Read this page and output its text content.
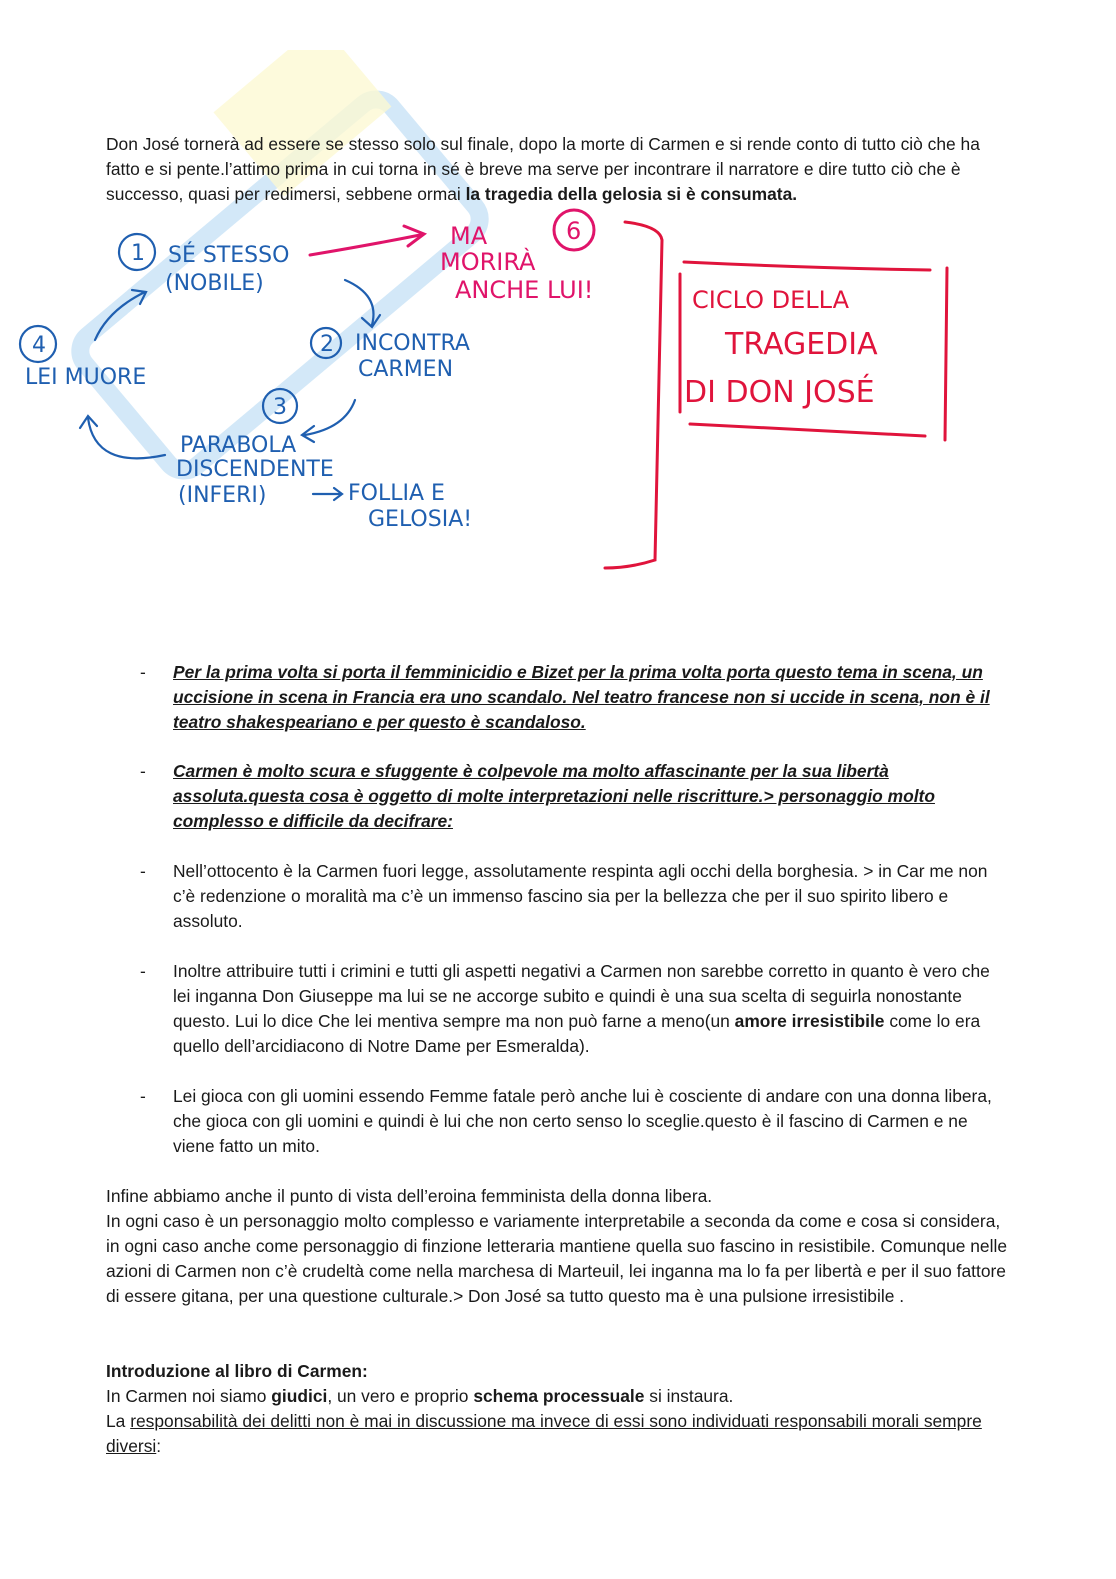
Don José tornerà ad essere se stesso solo sul finale, dopo la morte di Carmen e si rende conto di tutto ciò che ha fatto e si pente.l’attimo prima in cui torna in sé è breve ma serve per incontrare il narratore e dire tutto ciò che è successo, quasi per redimersi, sebbene ormai la tragedia della gelosia si è consumata.

1 SÉ STESSO
(NOBILE)
2 INCONTRA
CARMEN
3
PARABOLA
DISCENDENTE
(INFERI)	FOLLIA E
GELOSIA!
4
LEI MUORE
6
MA
MORIRÀ
ANCHE LUI!	CICLO DELLA
TRAGEDIA
DI DON JOSÉ
- Per la prima volta si porta il femminicidio e Bizet per la prima volta porta questo tema in scena, un uccisione in scena in Francia era uno scandalo. Nel teatro francese non si uccide in scena, non è il teatro shakespeariano e per questo è scandaloso.
- Carmen è molto scura e sfuggente è colpevole ma molto affascinante per la sua libertà assoluta.questa cosa è oggetto di molte interpretazioni nelle riscritture.> personaggio molto complesso e difficile da decifrare:
- Nell’ottocento è la Carmen fuori legge, assolutamente respinta agli occhi della borghesia. > in Car me non c’è redenzione o moralità ma c’è un immenso fascino sia per la bellezza che per il suo spirito libero e assoluto.
- Inoltre attribuire tutti i crimini e tutti gli aspetti negativi a Carmen non sarebbe corretto in quanto è vero che lei inganna Don Giuseppe ma lui se ne accorge subito e quindi è una sua scelta di seguirla nonostante questo. Lui lo dice Che lei mentiva sempre ma non può farne a meno(un amore irresistibile come lo era quello dell’arcidiacono di Notre Dame per Esmeralda).
- Lei gioca con gli uomini essendo Femme fatale però anche lui è cosciente di andare con una donna libera, che gioca con gli uomini e quindi è lui che non certo senso lo sceglie.questo è il fascino di Carmen e ne viene fatto un mito.

Infine abbiamo anche il punto di vista dell’eroina femminista della donna libera.

In ogni caso è un personaggio molto complesso e variamente interpretabile a seconda da come e cosa si considera, in ogni caso anche come personaggio di finzione letteraria mantiene quella suo fascino in resistibile. Comunque nelle azioni di Carmen non c’è crudeltà come nella marchesa di Marteuil, lei inganna ma lo fa per libertà e per il suo fattore di essere gitana, per una questione culturale.> Don José sa tutto questo ma è una pulsione irresistibile .

Introduzione al libro di Carmen:

In Carmen noi siamo giudici, un vero e proprio schema processuale si instaura.

La responsabilità dei delitti non è mai in discussione ma invece di essi sono individuati responsabili morali sempre diversi:
